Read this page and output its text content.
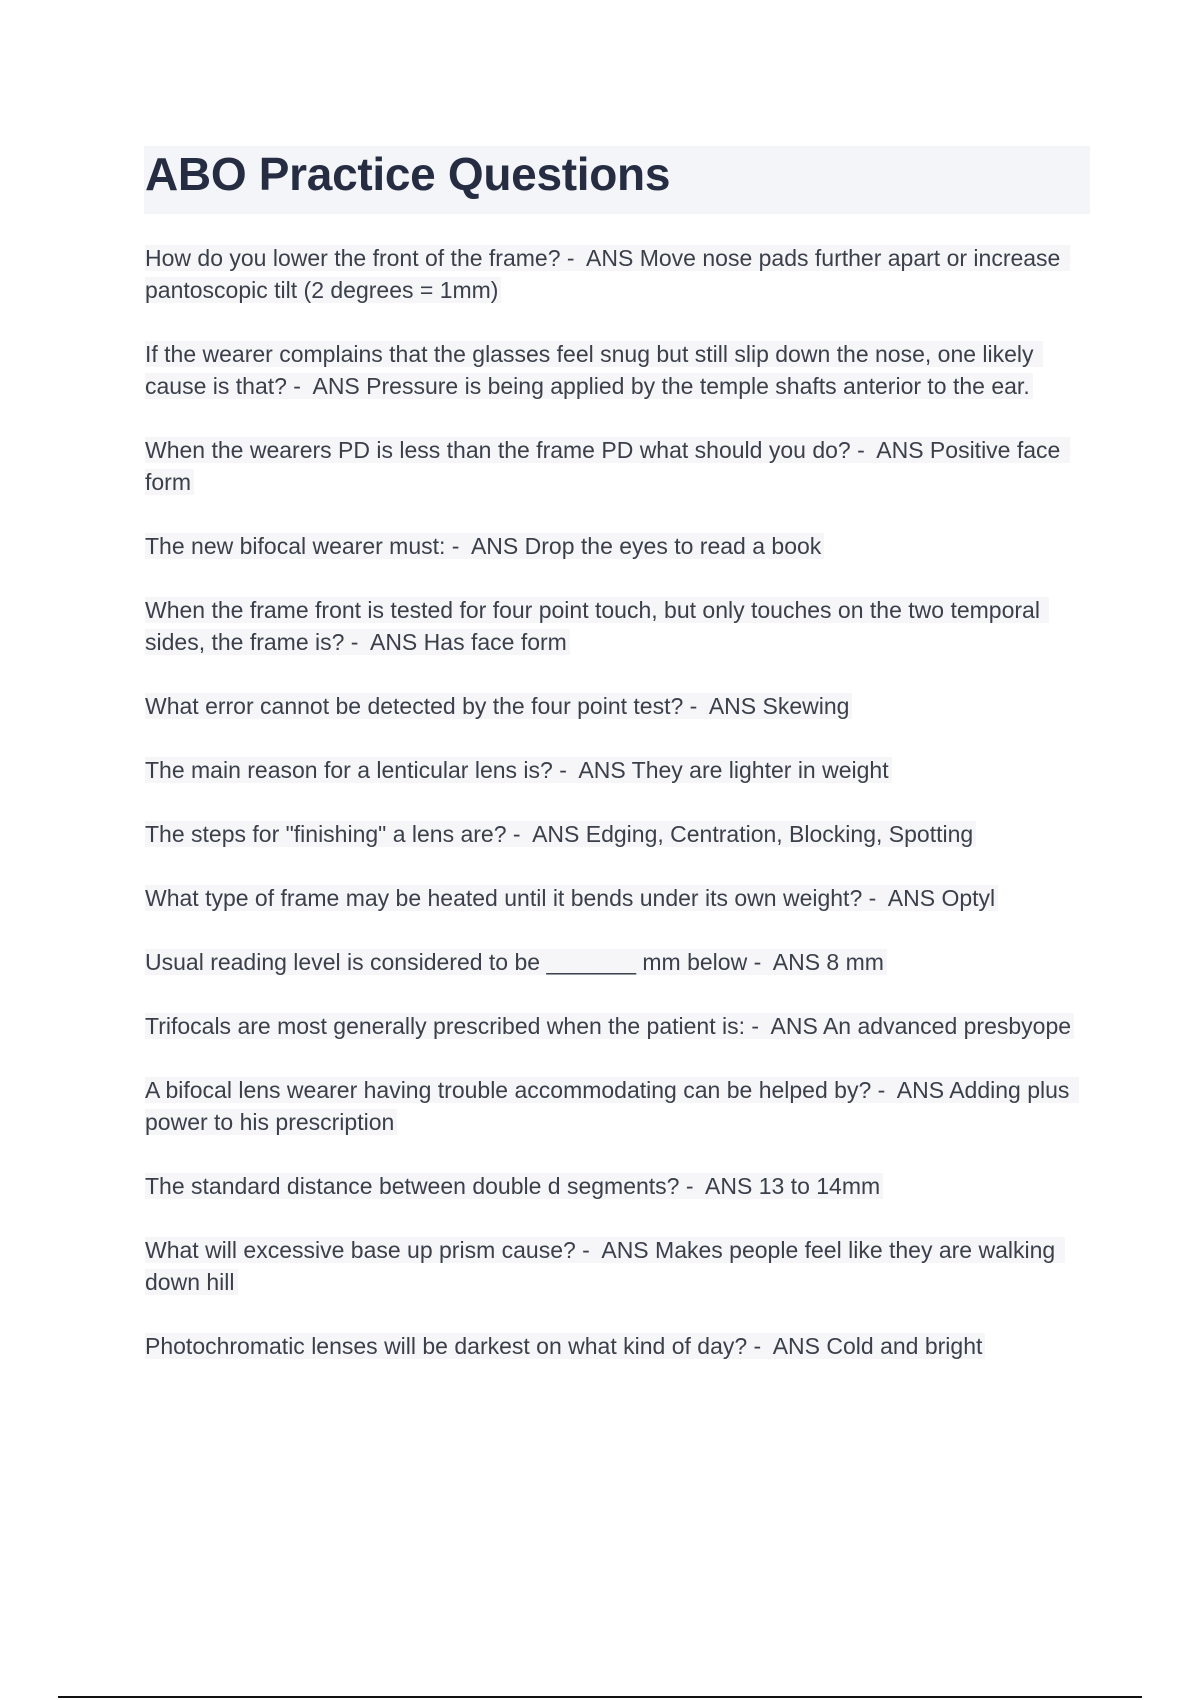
ABO Practice Questions

How do you lower the front of the frame? -  ANS Move nose pads further apart or increase pantoscopic tilt (2 degrees = 1mm)

If the wearer complains that the glasses feel snug but still slip down the nose, one likely cause is that? -  ANS Pressure is being applied by the temple shafts anterior to the ear.

When the wearers PD is less than the frame PD what should you do? -  ANS Positive face form

The new bifocal wearer must: -  ANS Drop the eyes to read a book

When the frame front is tested for four point touch, but only touches on the two temporal sides, the frame is? -  ANS Has face form

What error cannot be detected by the four point test? -  ANS Skewing

The main reason for a lenticular lens is? -  ANS They are lighter in weight

The steps for "finishing" a lens are? -  ANS Edging, Centration, Blocking, Spotting

What type of frame may be heated until it bends under its own weight? -  ANS Optyl

Usual reading level is considered to be _______ mm below -  ANS 8 mm

Trifocals are most generally prescribed when the patient is: -  ANS An advanced presbyope

A bifocal lens wearer having trouble accommodating can be helped by? -  ANS Adding plus power to his prescription

The standard distance between double d segments? -  ANS 13 to 14mm

What will excessive base up prism cause? -  ANS Makes people feel like they are walking down hill

Photochromatic lenses will be darkest on what kind of day? -  ANS Cold and bright
